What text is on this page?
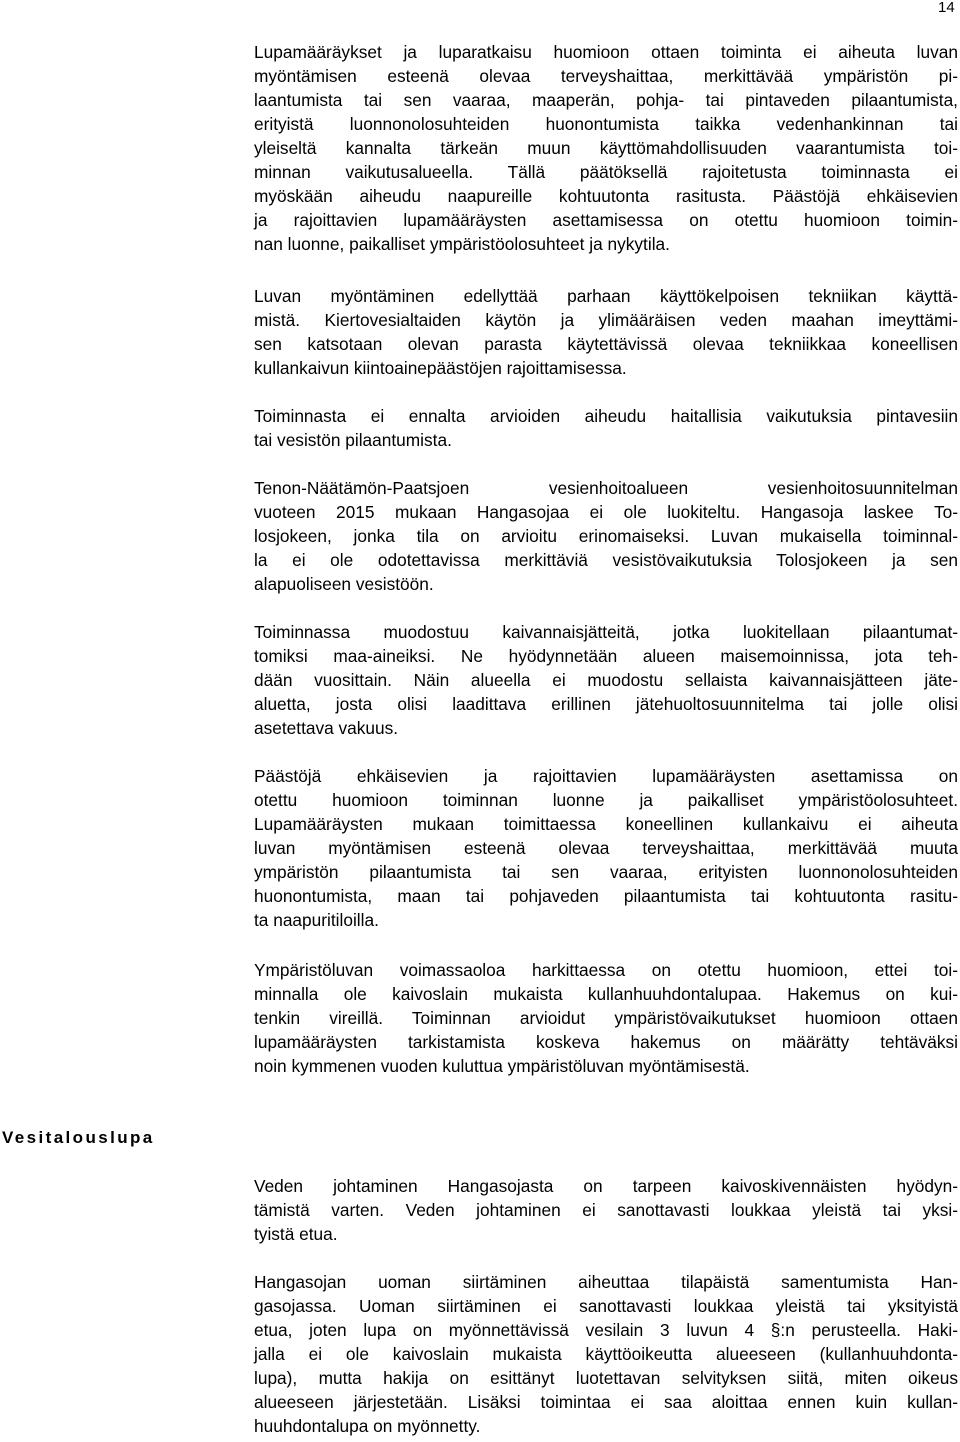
14
Vesitalouslupa
Lupamääräykset ja luparatkaisu huomioon ottaen toiminta ei aiheuta luvan
myöntämisen esteenä olevaa terveyshaittaa, merkittävää ympäristön pi-
laantumista tai sen vaaraa, maaperän, pohja- tai pintaveden pilaantumista,
erityistä luonnonolosuhteiden huonontumista taikka vedenhankinnan tai
yleiseltä kannalta tärkeän muun käyttömahdollisuuden vaarantumista toi-
minnan vaikutusalueella. Tällä päätöksellä rajoitetusta toiminnasta ei
myöskään aiheudu naapureille kohtuutonta rasitusta. Päästöjä ehkäisevien
ja rajoittavien lupamääräysten asettamisessa on otettu huomioon toimin-
nan luonne, paikalliset ympäristöolosuhteet ja nykytila.
Luvan myöntäminen edellyttää parhaan käyttökelpoisen tekniikan käyttä-
mistä. Kiertovesialtaiden käytön ja ylimääräisen veden maahan imeyttämi-
sen katsotaan olevan parasta käytettävissä olevaa tekniikkaa koneellisen
kullankaivun kiintoainepäästöjen rajoittamisessa.
Toiminnasta ei ennalta arvioiden aiheudu haitallisia vaikutuksia pintavesiin
tai vesistön pilaantumista.
Tenon-Näätämön-Paatsjoen vesienhoitoalueen vesienhoitosuunnitelman
vuoteen 2015 mukaan Hangasojaa ei ole luokiteltu. Hangasoja laskee To-
losjokeen, jonka tila on arvioitu erinomaiseksi. Luvan mukaisella toiminnal-
la ei ole odotettavissa merkittäviä vesistövaikutuksia Tolosjokeen ja sen
alapuoliseen vesistöön.
Toiminnassa muodostuu kaivannaisjätteitä, jotka luokitellaan pilaantumat-
tomiksi maa-aineiksi. Ne hyödynnetään alueen maisemoinnissa, jota teh-
dään vuosittain. Näin alueella ei muodostu sellaista kaivannaisjätteen jäte-
aluetta, josta olisi laadittava erillinen jätehuoltosuunnitelma tai jolle olisi
asetettava vakuus.
Päästöjä ehkäisevien ja rajoittavien lupamääräysten asettamissa on
otettu huomioon toiminnan luonne ja paikalliset ympäristöolosuhteet.
Lupamääräysten mukaan toimittaessa koneellinen kullankaivu ei aiheuta
luvan myöntämisen esteenä olevaa terveyshaittaa, merkittävää muuta
ympäristön pilaantumista tai sen vaaraa, erityisten luonnonolosuhteiden
huonontumista, maan tai pohjaveden pilaantumista tai kohtuutonta rasitu-
ta naapuritiloilla.
Ympäristöluvan voimassaoloa harkittaessa on otettu huomioon, ettei toi-
minnalla ole kaivoslain mukaista kullanhuuhdontalupaa. Hakemus on kui-
tenkin vireillä. Toiminnan arvioidut ympäristövaikutukset huomioon ottaen
lupamääräysten tarkistamista koskeva hakemus on määrätty tehtäväksi
noin kymmenen vuoden kuluttua ympäristöluvan myöntämisestä.
Veden johtaminen Hangasojasta on tarpeen kaivoskivennäisten hyödyn-
tämistä varten. Veden johtaminen ei sanottavasti loukkaa yleistä tai yksi-
tyistä etua.
Hangasojan uoman siirtäminen aiheuttaa tilapäistä samentumista Han-
gasojassa. Uoman siirtäminen ei sanottavasti loukkaa yleistä tai yksityistä
etua, joten lupa on myönnettävissä vesilain 3 luvun 4 §:n perusteella. Haki-
jalla ei ole kaivoslain mukaista käyttöoikeutta alueeseen (kullanhuuhdonta-
lupa), mutta hakija on esittänyt luotettavan selvityksen siitä, miten oikeus
alueeseen järjestetään. Lisäksi toimintaa ei saa aloittaa ennen kuin kullan-
huuhdontalupa on myönnetty.
